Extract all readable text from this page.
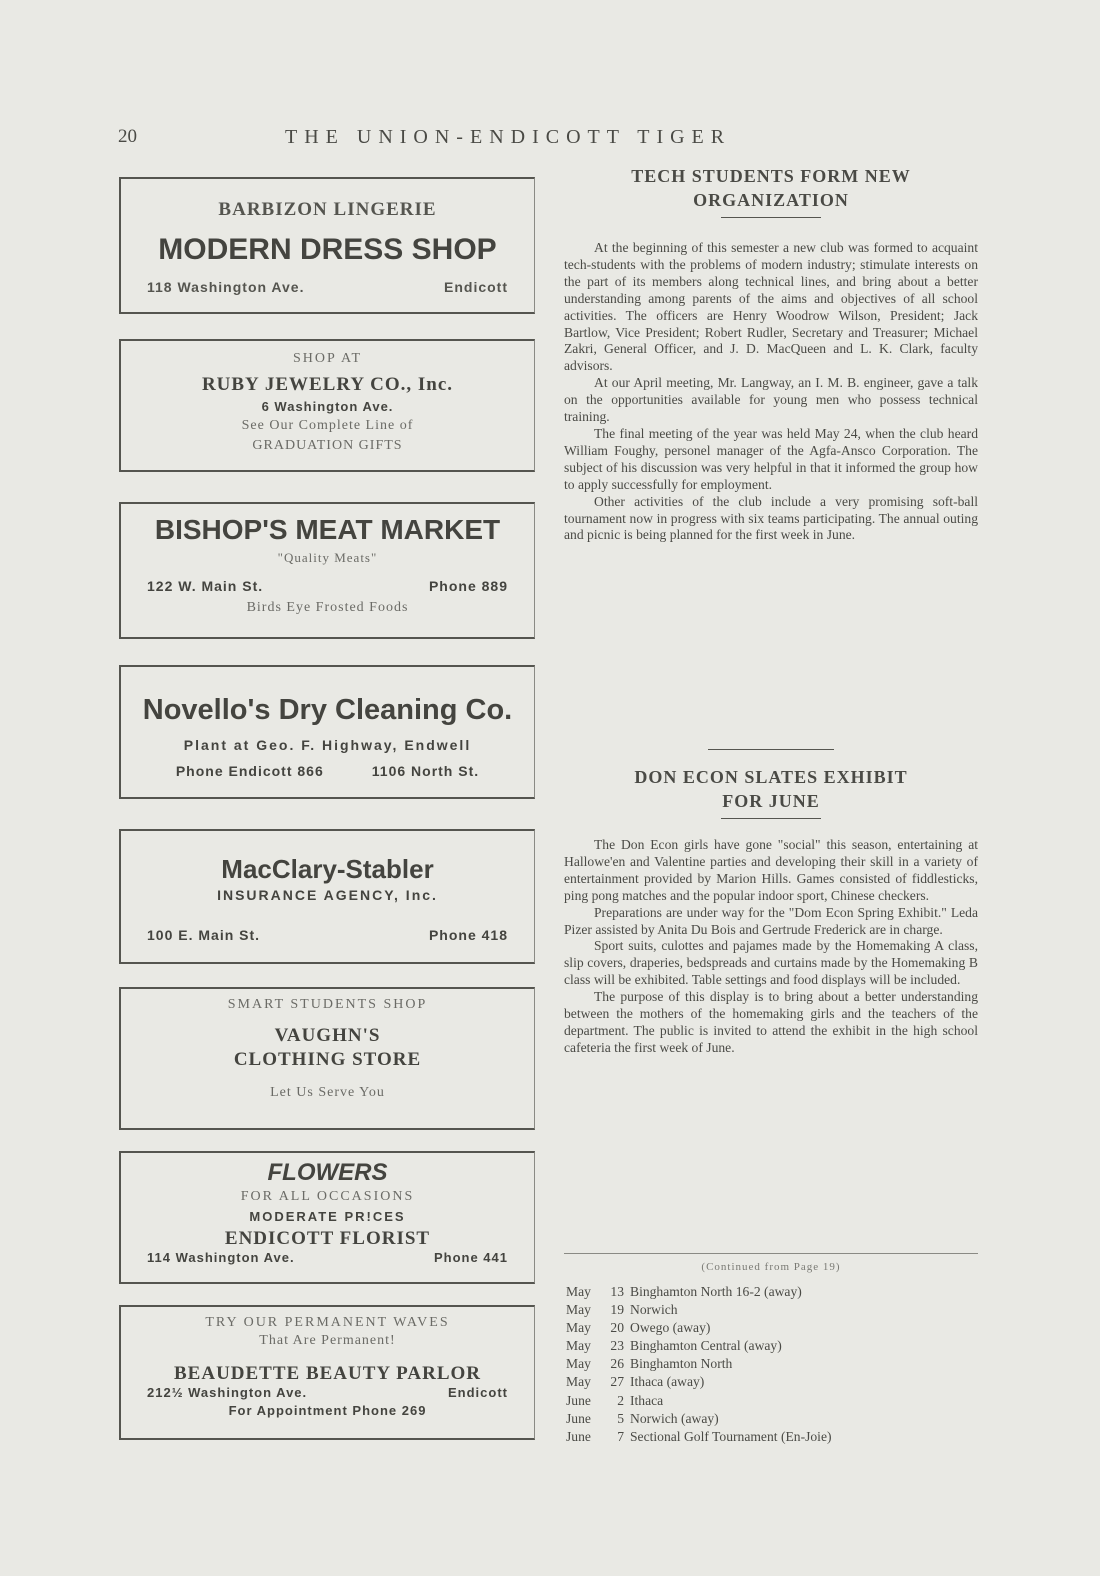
20	THE UNION-ENDICOTT TIGER
BARBIZON LINGERIE
MODERN DRESS SHOP
118 Washington Ave.	Endicott
SHOP AT
RUBY JEWELRY CO., Inc.
6 Washington Ave.
See Our Complete Line of
GRADUATION GIFTS
BISHOP'S MEAT MARKET
"Quality Meats"
122 W. Main St.	Phone 889
Birds Eye Frosted Foods
Novello's Dry Cleaning Co.
Plant at Geo. F. Highway, Endwell
Phone Endicott 866	1106 North St.
MacClary-Stabler
INSURANCE AGENCY, Inc.
100 E. Main St.	Phone 418
SMART STUDENTS SHOP
VAUGHN'S
CLOTHING STORE
Let Us Serve You
FLOWERS
FOR ALL OCCASIONS
MODERATE PR!CES
ENDICOTT FLORIST
114 Washington Ave.	Phone 441
TRY OUR PERMANENT WAVES
That Are Permanent!
BEAUDETTE BEAUTY PARLOR
212½ Washington Ave.	Endicott
For Appointment Phone 269
TECH STUDENTS FORM NEW
ORGANIZATION

At the beginning of this semester a new club was formed to acquaint tech-students with the problems of modern industry; stimulate interests on the part of its members along technical lines, and bring about a better understanding among parents of the aims and objectives of all school activities. The officers are Henry Woodrow Wilson, President; Jack Bartlow, Vice President; Robert Rudler, Secretary and Treasurer; Michael Zakri, General Officer, and J. D. MacQueen and L. K. Clark, faculty advisors.

At our April meeting, Mr. Langway, an I. M. B. engineer, gave a talk on the opportunities available for young men who possess technical training.

The final meeting of the year was held May 24, when the club heard William Foughy, personel manager of the Agfa-Ansco Corporation. The subject of his discussion was very helpful in that it informed the group how to apply successfully for employment.

Other activities of the club include a very promising soft-ball tournament now in progress with six teams participating. The annual outing and picnic is being planned for the first week in June.

DON ECON SLATES EXHIBIT
FOR JUNE

The Don Econ girls have gone "social" this season, entertaining at Hallowe'en and Valentine parties and developing their skill in a variety of entertainment provided by Marion Hills. Games consisted of fiddlesticks, ping pong matches and the popular indoor sport, Chinese checkers.

Preparations are under way for the "Dom Econ Spring Exhibit." Leda Pizer assisted by Anita Du Bois and Gertrude Frederick are in charge.

Sport suits, culottes and pajames made by the Homemaking A class, slip covers, draperies, bedspreads and curtains made by the Homemaking B class will be exhibited. Table settings and food displays will be included.

The purpose of this display is to bring about a better understanding between the mothers of the homemaking girls and the teachers of the department. The public is invited to attend the exhibit in the high school cafeteria the first week of June.

(Continued from Page 19)
May	13 Binghamton North 16-2 (away)
May	19 Norwich
May	20 Owego (away)
May	23 Binghamton Central (away)
May	26 Binghamton North
May	27 Ithaca (away)
June	2 Ithaca
June	5 Norwich (away)
June	7 Sectional Golf Tournament (En-Joie)
